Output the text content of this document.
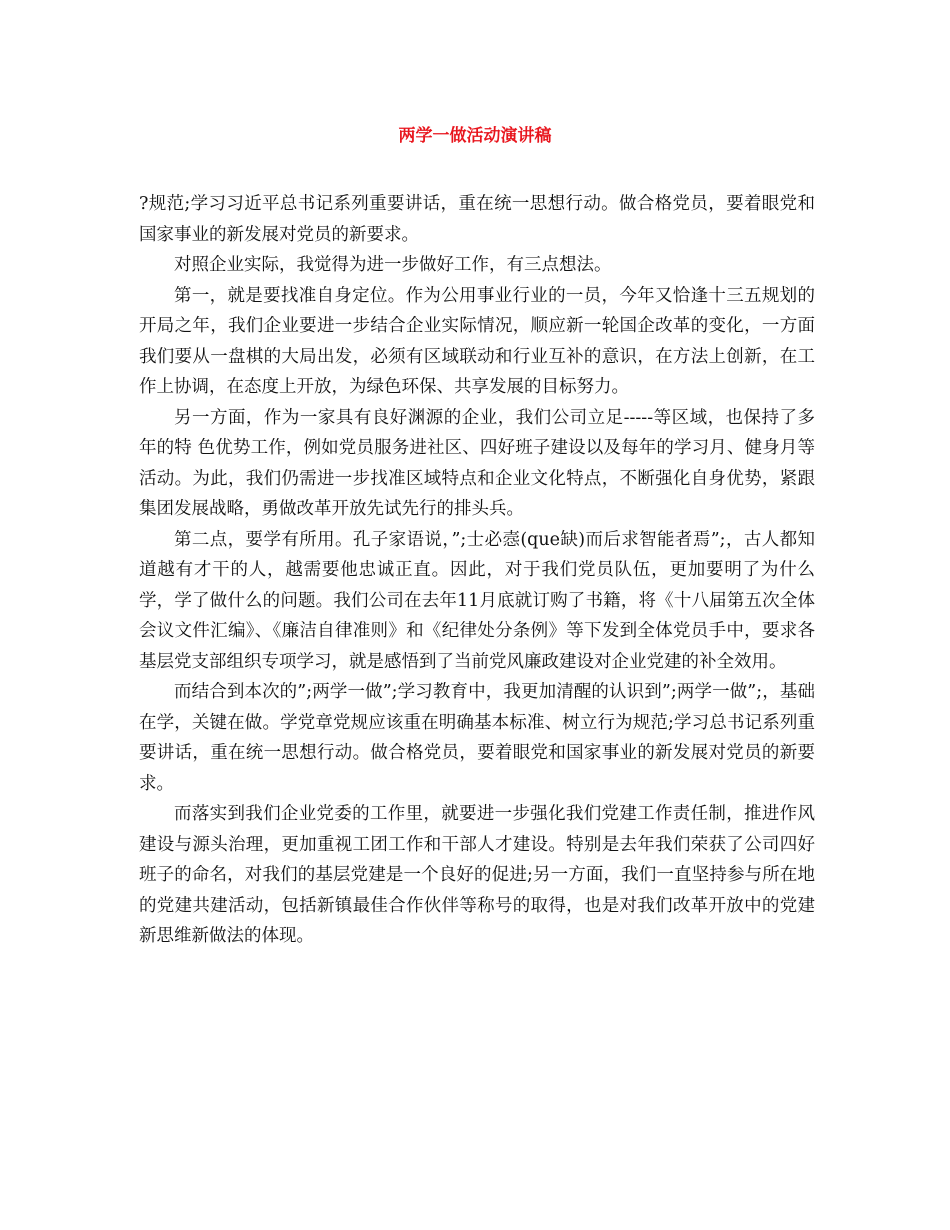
两学一做活动演讲稿

?规范;学习习近平总书记系列重要讲话，重在统一思想行动。做合格党员，要着眼党和国家事业的新发展对党员的新要求。

对照企业实际，我觉得为进一步做好工作，有三点想法。

第一，就是要找准自身定位。作为公用事业行业的一员，今年又恰逢十三五规划的开局之年，我们企业要进一步结合企业实际情况，顺应新一轮国企改革的变化，一方面我们要从一盘棋的大局出发，必须有区域联动和行业互补的意识，在方法上创新，在工作上协调，在态度上开放，为绿色环保、共享发展的目标努力。

另一方面，作为一家具有良好渊源的企业，我们公司立足-----等区域，也保持了多年的特 色优势工作，例如党员服务进社区、四好班子建设以及每年的学习月、健身月等活动。为此，我们仍需进一步找准区域特点和企业文化特点，不断强化自身优势，紧跟集团发展战略，勇做改革开放先试先行的排头兵。

第二点，要学有所用。孔子家语说，”;士必悫(que缺)而后求智能者焉”;，古人都知道越有才干的人，越需要他忠诚正直。因此，对于我们党员队伍，更加要明了为什么学，学了做什么的问题。我们公司在去年11月底就订购了书籍，将《十八届第五次全体会议文件汇编》、《廉洁自律准则》和《纪律处分条例》等下发到全体党员手中，要求各基层党支部组织专项学习，就是感悟到了当前党风廉政建设对企业党建的补全效用。

而结合到本次的”;两学一做”;学习教育中，我更加清醒的认识到”;两学一做”;，基础在学，关键在做。学党章党规应该重在明确基本标准、树立行为规范;学习总书记系列重要讲话，重在统一思想行动。做合格党员，要着眼党和国家事业的新发展对党员的新要求。

而落实到我们企业党委的工作里，就要进一步强化我们党建工作责任制，推进作风建设与源头治理，更加重视工团工作和干部人才建设。特别是去年我们荣获了公司四好班子的命名，对我们的基层党建是一个良好的促进;另一方面，我们一直坚持参与所在地的党建共建活动，包括新镇最佳合作伙伴等称号的取得，也是对我们改革开放中的党建新思维新做法的体现。
